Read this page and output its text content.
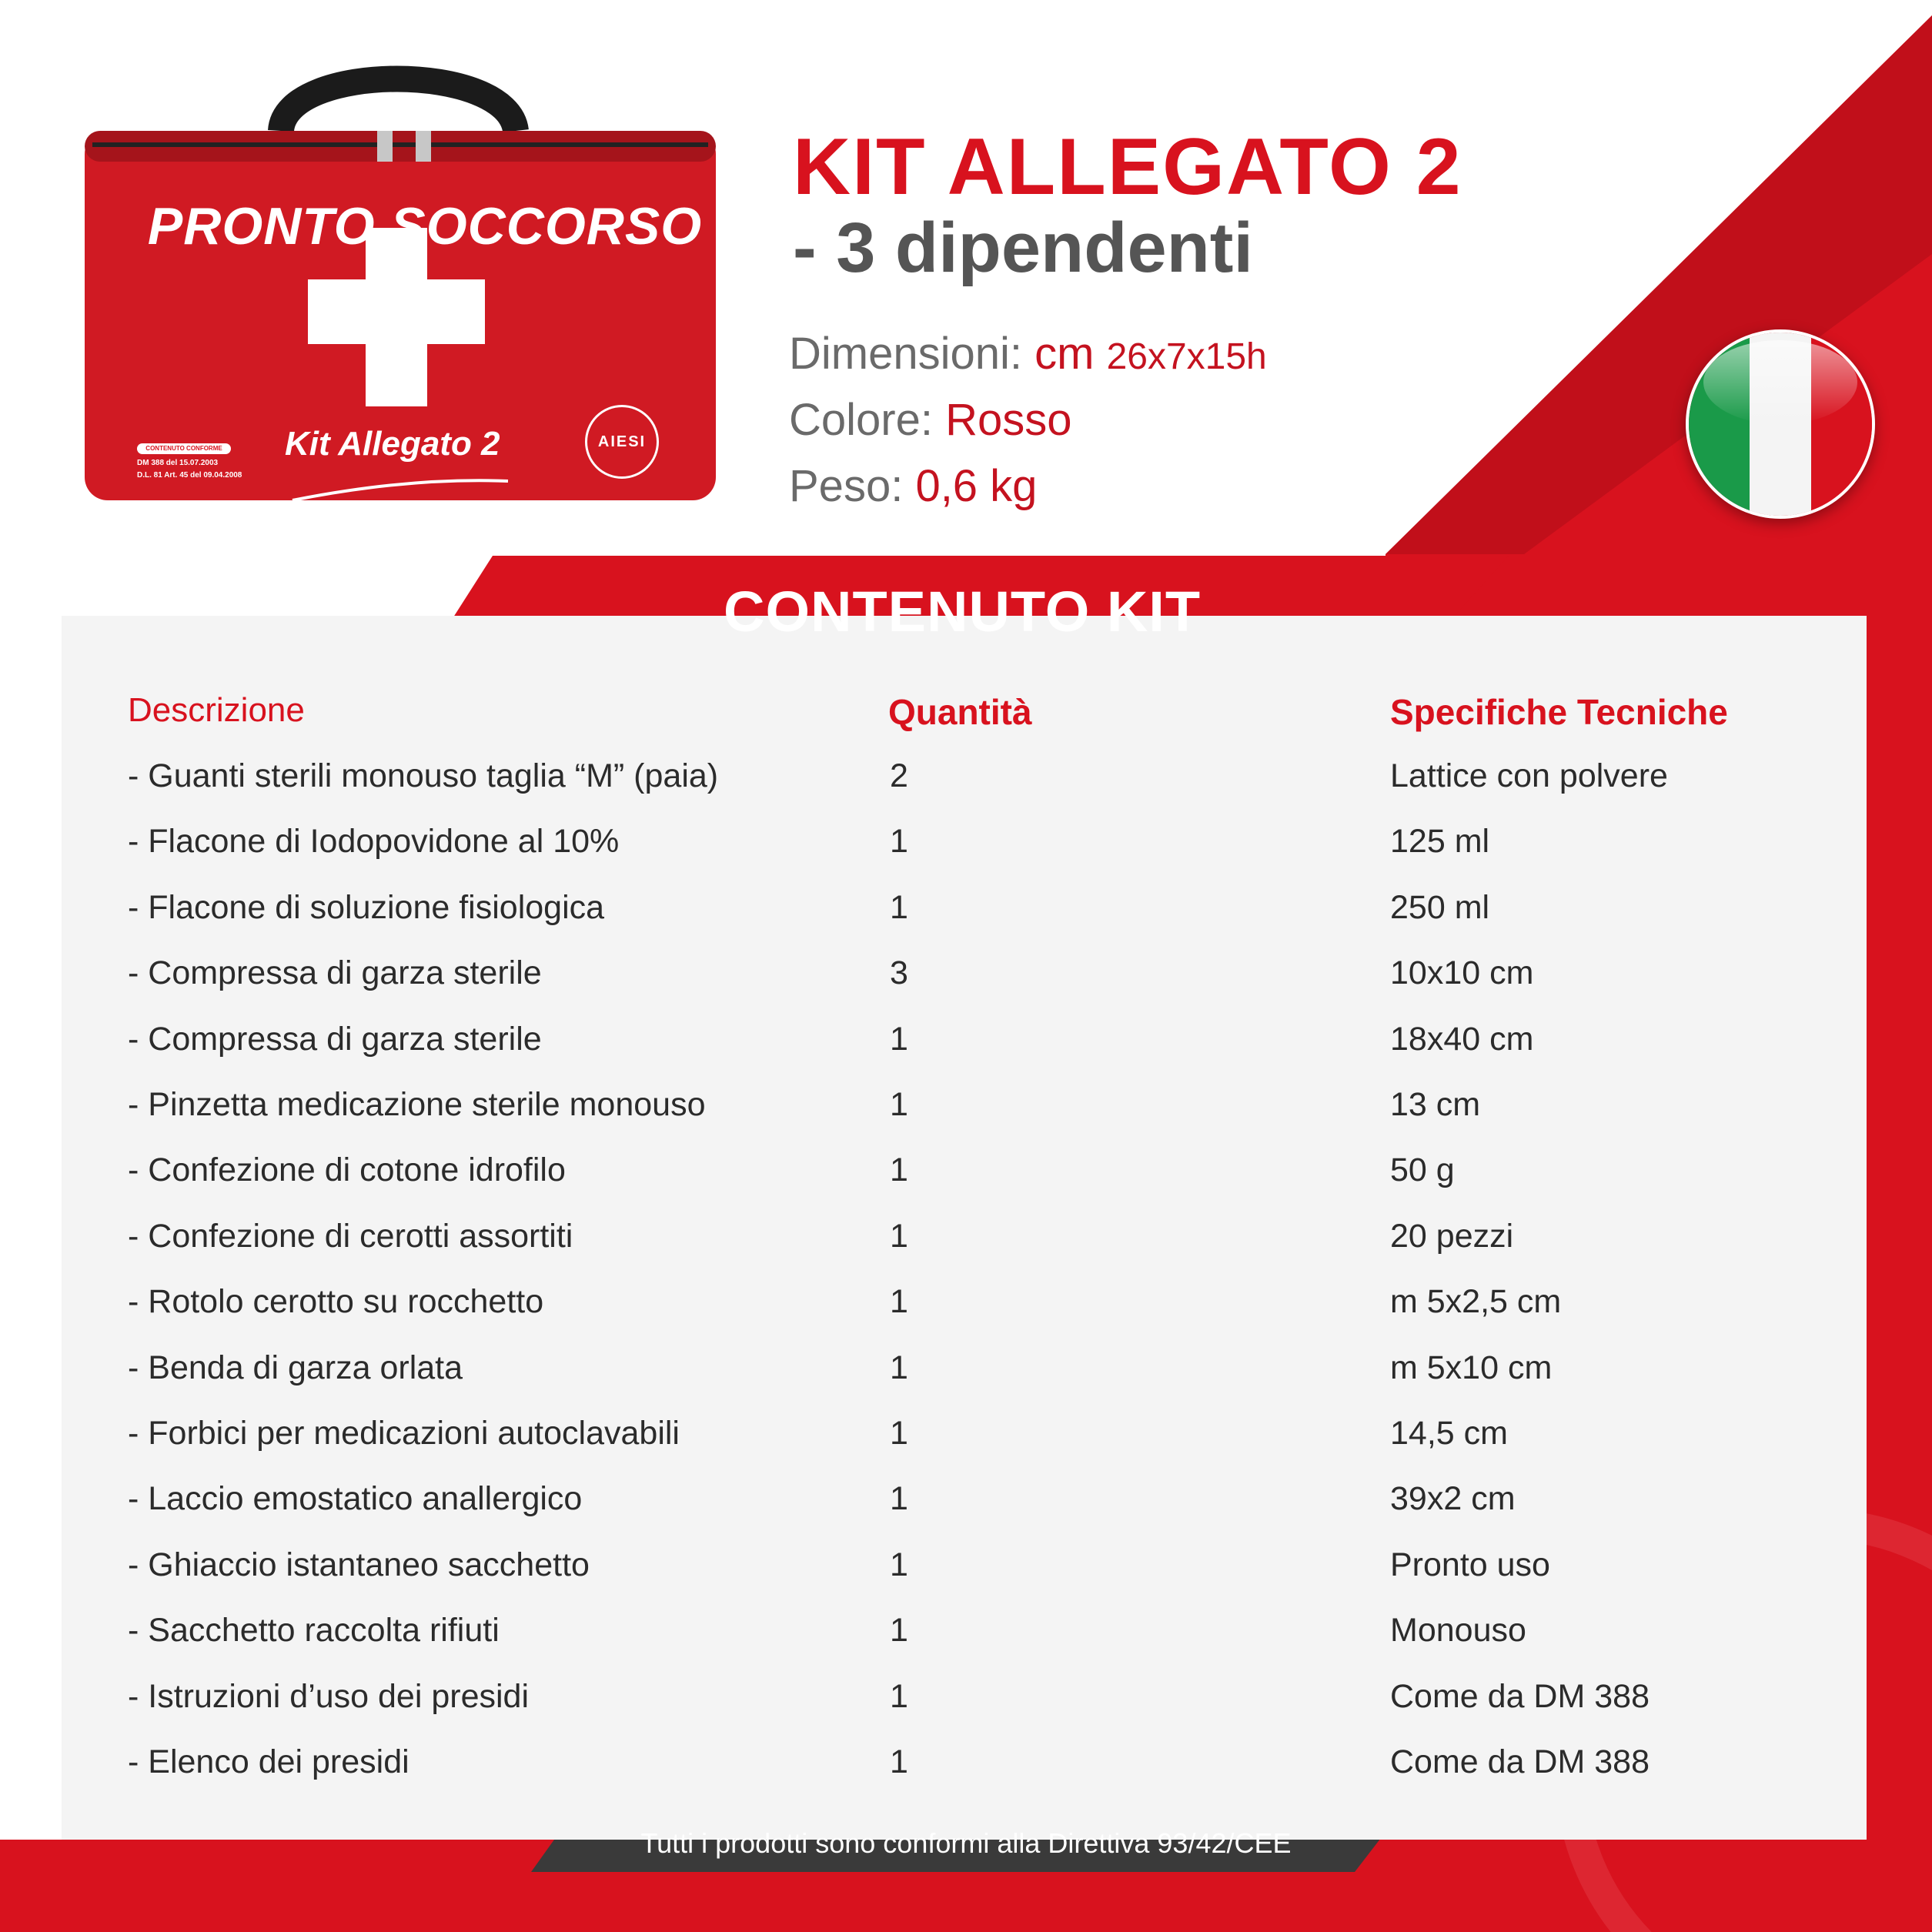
PRONTO SOCCORSO
Kit Allegato 2
CONTENUTO CONFORME
DM 388 del 15.07.2003
D.L. 81 Art. 45 del 09.04.2008
AIESI
KIT ALLEGATO 2
- 3 dipendenti
Dimensioni: cm 26x7x15h
Colore: Rosso
Peso: 0,6 kg
CONTENUTO KIT
Descrizione	Quantità	Specifiche Tecniche
- Guanti sterili monouso taglia “M” (paia)	2	Lattice con polvere
- Flacone di Iodopovidone al 10%	1	125 ml
- Flacone di soluzione fisiologica	1	250 ml
- Compressa di garza sterile	3	10x10 cm
- Compressa di garza sterile	1	18x40 cm
- Pinzetta medicazione sterile monouso	1	13 cm
- Confezione di cotone idrofilo	1	50 g
- Confezione di cerotti assortiti	1	20 pezzi
- Rotolo cerotto su rocchetto	1	m 5x2,5 cm
- Benda di garza orlata	1	m 5x10 cm
- Forbici per medicazioni autoclavabili	1	14,5 cm
- Laccio emostatico anallergico	1	39x2 cm
- Ghiaccio istantaneo sacchetto	1	Pronto uso
- Sacchetto raccolta rifiuti	1	Monouso
- Istruzioni d’uso dei presidi	1	Come da DM 388
- Elenco dei presidi	1	Come da DM 388
Tutti i prodotti sono conformi alla Direttiva 93/42/CEE
